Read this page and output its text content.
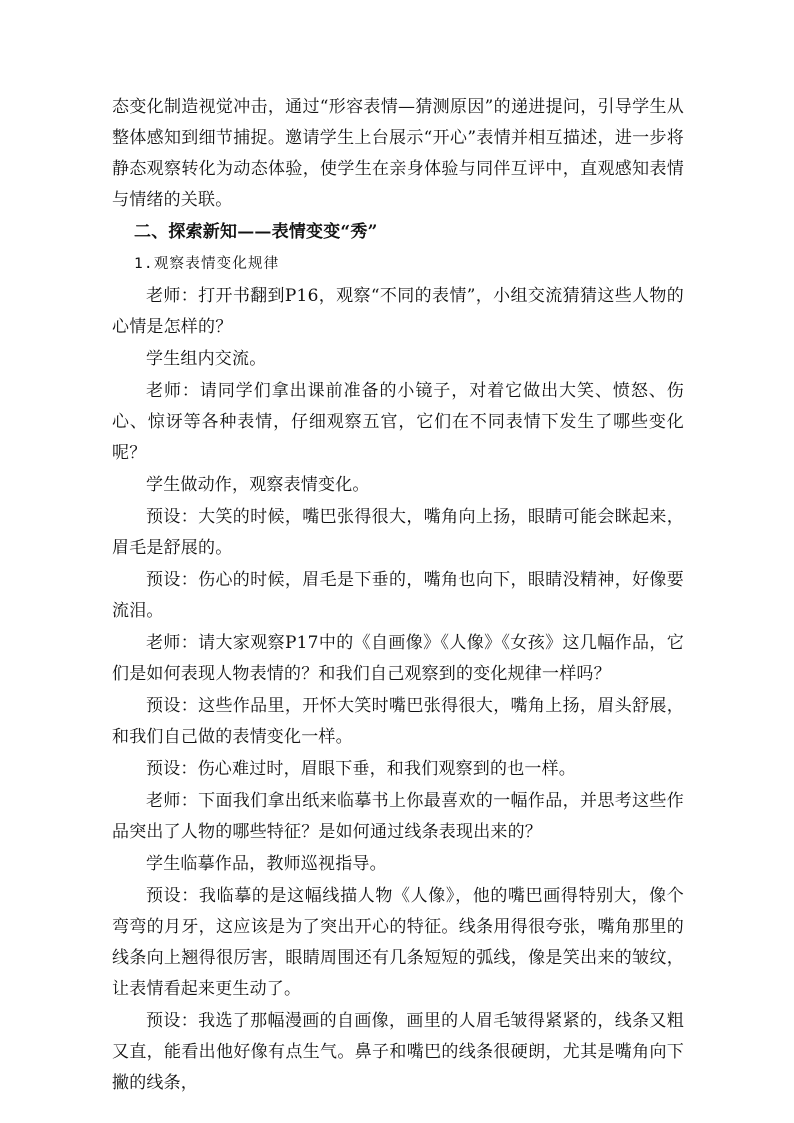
态变化制造视觉冲击，通过“形容表情—猜测原因”的递进提问，引导学生从整体感知到细节捕捉。邀请学生上台展示“开心”表情并相互描述，进一步将静态观察转化为动态体验，使学生在亲身体验与同伴互评中，直观感知表情与情绪的关联。

二、探索新知——表情变变“秀”
1.观察表情变化规律

老师：打开书翻到P16，观察“不同的表情”，小组交流猜猜这些人物的心情是怎样的？

学生组内交流。

老师：请同学们拿出课前准备的小镜子，对着它做出大笑、愤怒、伤心、惊讶等各种表情，仔细观察五官，它们在不同表情下发生了哪些变化呢？

学生做动作，观察表情变化。

预设：大笑的时候，嘴巴张得很大，嘴角向上扬，眼睛可能会眯起来，眉毛是舒展的。

预设：伤心的时候，眉毛是下垂的，嘴角也向下，眼睛没精神，好像要流泪。

老师：请大家观察P17中的《自画像》《人像》《女孩》这几幅作品，它们是如何表现人物表情的？和我们自己观察到的变化规律一样吗？

预设：这些作品里，开怀大笑时嘴巴张得很大，嘴角上扬，眉头舒展，和我们自己做的表情变化一样。

预设：伤心难过时，眉眼下垂，和我们观察到的也一样。

老师：下面我们拿出纸来临摹书上你最喜欢的一幅作品，并思考这些作品突出了人物的哪些特征？是如何通过线条表现出来的？

学生临摹作品，教师巡视指导。

预设：我临摹的是这幅线描人物《人像》，他的嘴巴画得特别大，像个弯弯的月牙，这应该是为了突出开心的特征。线条用得很夸张，嘴角那里的线条向上翘得很厉害，眼睛周围还有几条短短的弧线，像是笑出来的皱纹，让表情看起来更生动了。

预设：我选了那幅漫画的自画像，画里的人眉毛皱得紧紧的，线条又粗又直，能看出他好像有点生气。鼻子和嘴巴的线条很硬朗，尤其是嘴角向下撇的线条，
